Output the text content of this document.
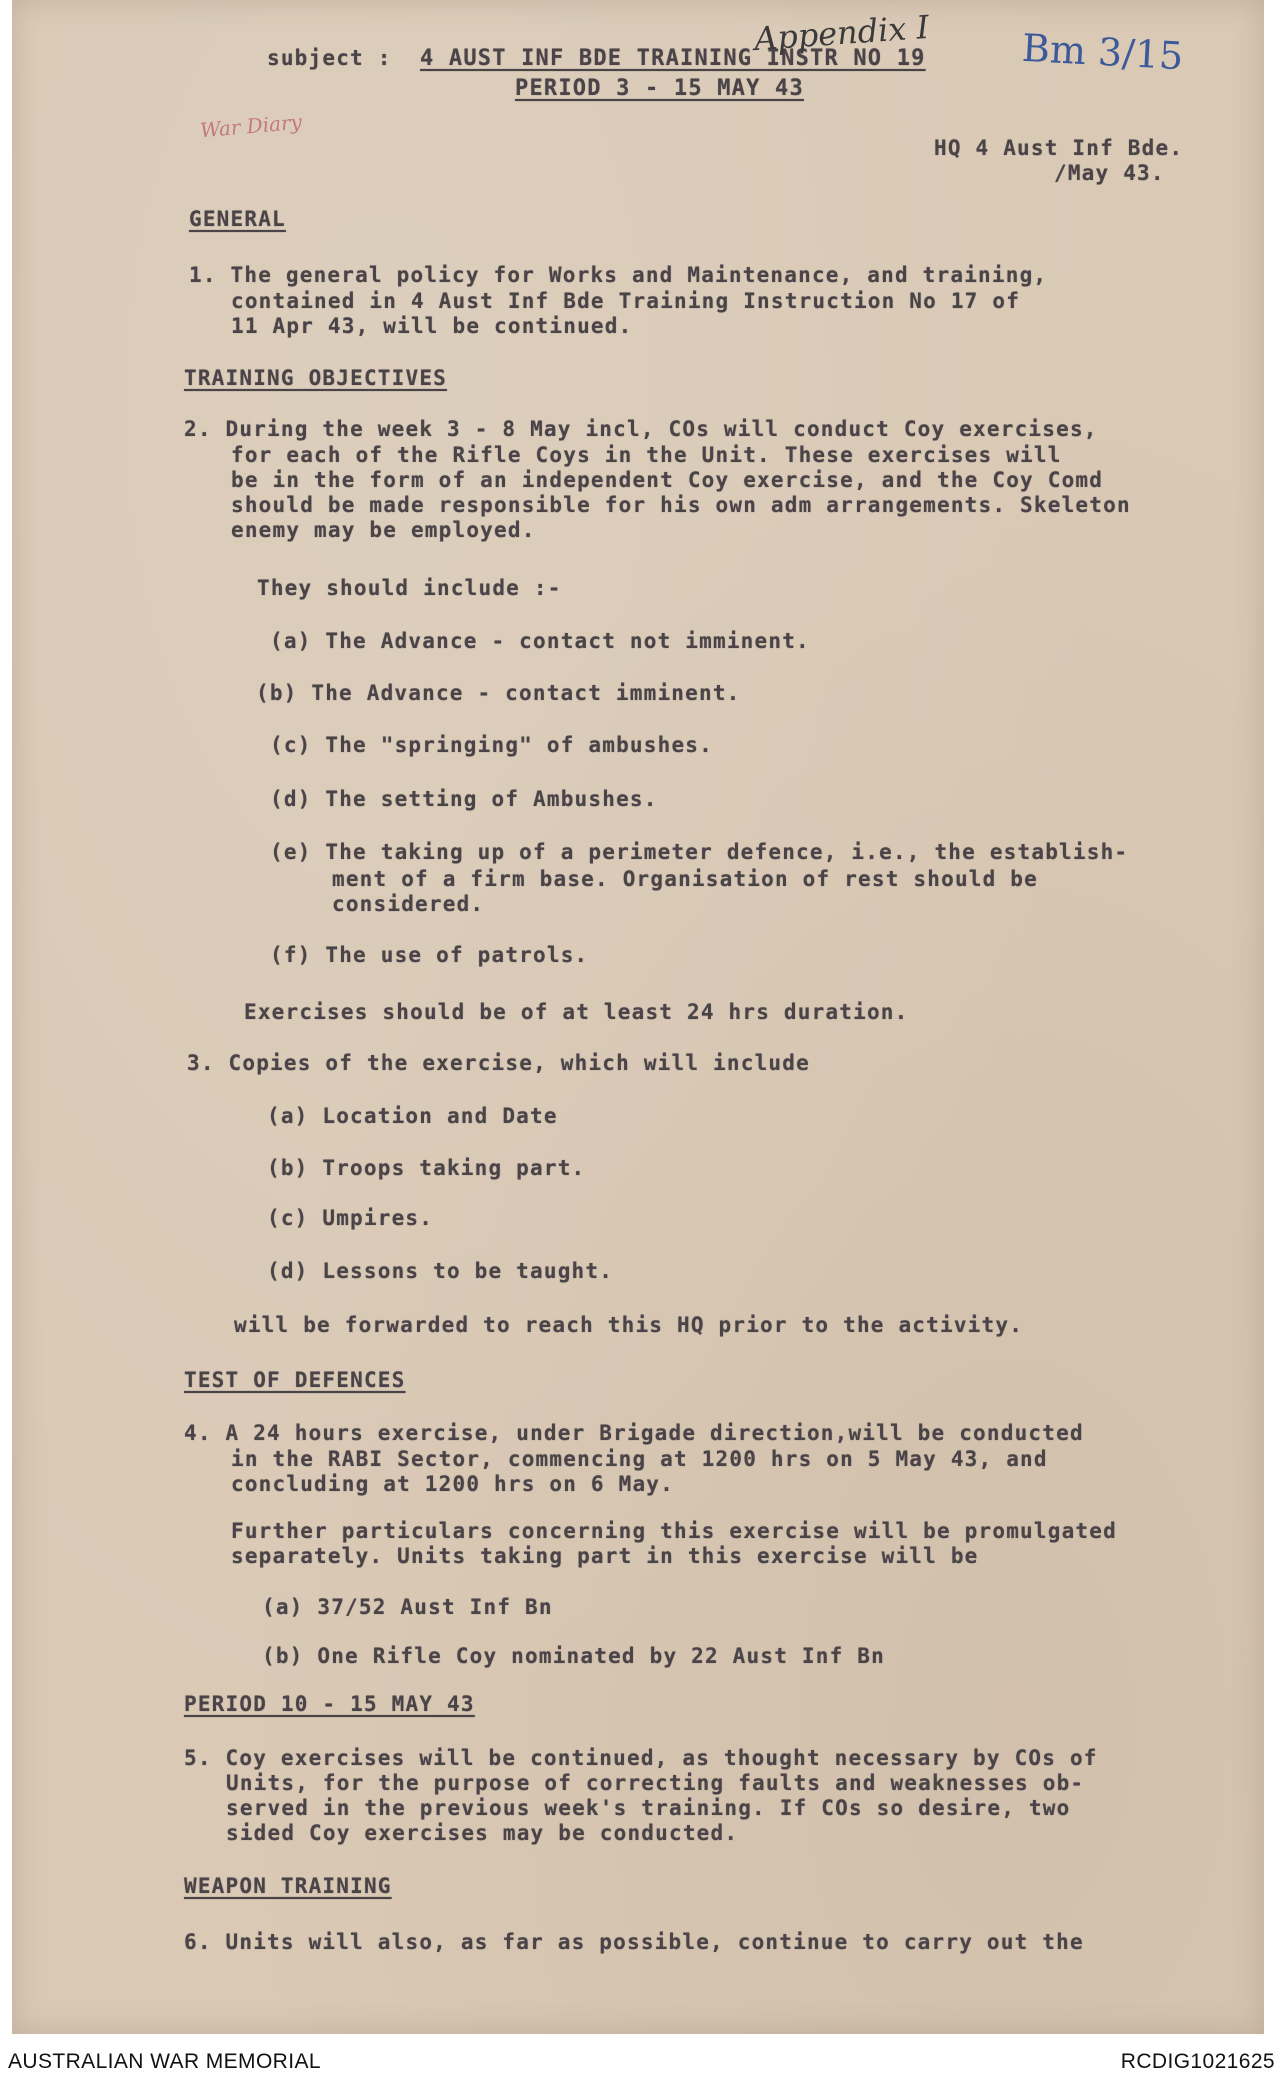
subject : 4 AUST INF BDE TRAINING INSTR NO 19
PERIOD 3 - 15 MAY 43
HQ 4 Aust Inf Bde.
/May 43.
Appendix I Bm 3/15
War Diary
GENERAL
1. The general policy for Works and Maintenance, and training,
contained in 4 Aust Inf Bde Training Instruction No 17 of
11 Apr 43, will be continued.
TRAINING OBJECTIVES
2. During the week 3 - 8 May incl, COs will conduct Coy exercises,
for each of the Rifle Coys in the Unit. These exercises will
be in the form of an independent Coy exercise, and the Coy Comd
should be made responsible for his own adm arrangements. Skeleton
enemy may be employed.
They should include :-
(a) The Advance - contact not imminent.
(b) The Advance - contact imminent.
(c) The "springing" of ambushes.
(d) The setting of Ambushes.
(e) The taking up of a perimeter defence, i.e., the establish-
ment of a firm base. Organisation of rest should be
considered.
(f) The use of patrols.
Exercises should be of at least 24 hrs duration.
3. Copies of the exercise, which will include
(a) Location and Date
(b) Troops taking part.
(c) Umpires.
(d) Lessons to be taught.
will be forwarded to reach this HQ prior to the activity.
TEST OF DEFENCES
4. A 24 hours exercise, under Brigade direction,will be conducted
in the RABI Sector, commencing at 1200 hrs on 5 May 43, and
concluding at 1200 hrs on 6 May.
Further particulars concerning this exercise will be promulgated
separately. Units taking part in this exercise will be
(a) 37/52 Aust Inf Bn
(b) One Rifle Coy nominated by 22 Aust Inf Bn
PERIOD 10 - 15 MAY 43
5. Coy exercises will be continued, as thought necessary by COs of
Units, for the purpose of correcting faults and weaknesses ob-
served in the previous week's training. If COs so desire, two
sided Coy exercises may be conducted.
WEAPON TRAINING
6. Units will also, as far as possible, continue to carry out the
AUSTRALIAN WAR MEMORIAL	RCDIG1021625
